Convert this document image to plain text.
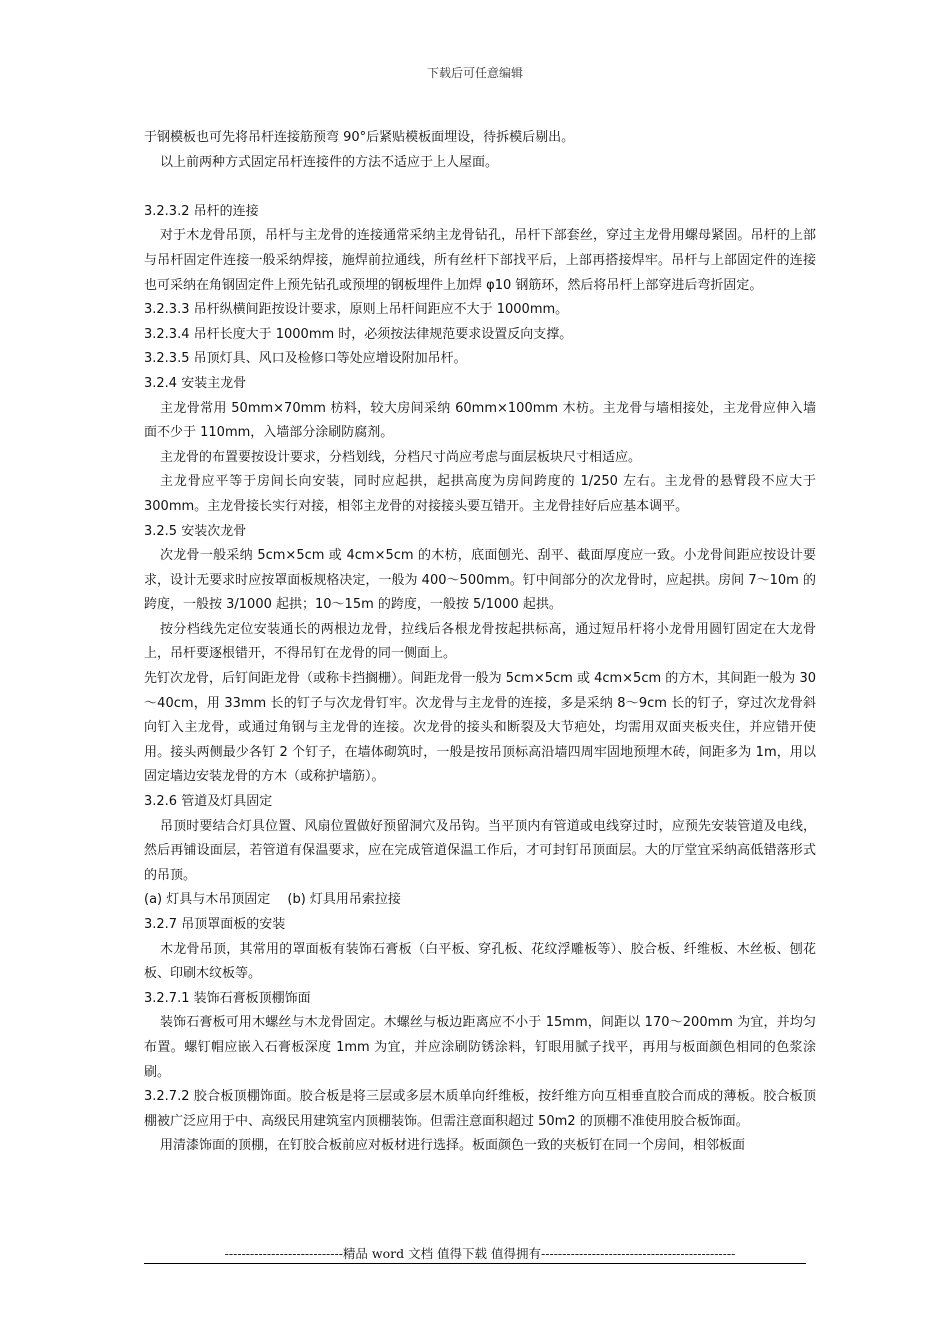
下载后可任意编辑

于钢模板也可先将吊杆连接筋预弯 90°后紧贴模板面埋设，待拆模后剔出。

以上前两种方式固定吊杆连接件的方法不适应于上人屋面。

3.2.3.2 吊杆的连接

对于木龙骨吊顶，吊杆与主龙骨的连接通常采纳主龙骨钻孔，吊杆下部套丝，穿过主龙骨用螺母紧固。吊杆的上部与吊杆固定件连接一般采纳焊接，施焊前拉通线，所有丝杆下部找平后，上部再搭接焊牢。吊杆与上部固定件的连接也可采纳在角钢固定件上预先钻孔或预埋的钢板埋件上加焊 φ10 钢筋环，然后将吊杆上部穿进后弯折固定。

3.2.3.3 吊杆纵横间距按设计要求，原则上吊杆间距应不大于 1000mm。

3.2.3.4 吊杆长度大于 1000mm 时，必须按法律规范要求设置反向支撑。

3.2.3.5 吊顶灯具、风口及检修口等处应增设附加吊杆。

3.2.4 安装主龙骨

主龙骨常用 50mm×70mm 枋料，较大房间采纳 60mm×100mm 木枋。主龙骨与墙相接处，主龙骨应伸入墙面不少于 110mm，入墙部分涂刷防腐剂。

主龙骨的布置要按设计要求，分档划线，分档尺寸尚应考虑与面层板块尺寸相适应。

主龙骨应平等于房间长向安装，同时应起拱，起拱高度为房间跨度的 1/250 左右。主龙骨的悬臂段不应大于 300mm。主龙骨接长实行对接，相邻主龙骨的对接接头要互错开。主龙骨挂好后应基本调平。

3.2.5 安装次龙骨

次龙骨一般采纳 5cm×5cm 或 4cm×5cm 的木枋，底面刨光、刮平、截面厚度应一致。小龙骨间距应按设计要求，设计无要求时应按罩面板规格决定，一般为 400～500mm。钉中间部分的次龙骨时，应起拱。房间 7～10m 的跨度，一般按 3/1000 起拱；10～15m 的跨度，一般按 5/1000 起拱。

按分档线先定位安装通长的两根边龙骨，拉线后各根龙骨按起拱标高，通过短吊杆将小龙骨用圆钉固定在大龙骨上，吊杆要逐根错开，不得吊钉在龙骨的同一侧面上。

先钉次龙骨，后钉间距龙骨（或称卡挡搁栅）。间距龙骨一般为 5cm×5cm 或 4cm×5cm 的方木，其间距一般为 30～40cm，用 33mm 长的钉子与次龙骨钉牢。次龙骨与主龙骨的连接，多是采纳 8～9cm 长的钉子，穿过次龙骨斜向钉入主龙骨，或通过角钢与主龙骨的连接。次龙骨的接头和断裂及大节疤处，均需用双面夹板夹住，并应错开使用。接头两侧最少各钉 2 个钉子，在墙体砌筑时，一般是按吊顶标高沿墙四周牢固地预埋木砖，间距多为 1m，用以固定墙边安装龙骨的方木（或称护墙筋）。

3.2.6 管道及灯具固定

吊顶时要结合灯具位置、风扇位置做好预留洞穴及吊钩。当平顶内有管道或电线穿过时，应预先安装管道及电线，然后再铺设面层，若管道有保温要求，应在完成管道保温工作后，才可封钉吊顶面层。大的厅堂宜采纳高低错落形式的吊顶。

(a) 灯具与木吊顶固定　 (b) 灯具用吊索拉接

3.2.7 吊顶罩面板的安装

木龙骨吊顶，其常用的罩面板有装饰石膏板（白平板、穿孔板、花纹浮雕板等）、胶合板、纤维板、木丝板、刨花板、印刷木纹板等。

3.2.7.1 装饰石膏板顶棚饰面

装饰石膏板可用木螺丝与木龙骨固定。木螺丝与板边距离应不小于 15mm，间距以 170～200mm 为宜，并均匀布置。螺钉帽应嵌入石膏板深度 1mm 为宜，并应涂刷防锈涂料，钉眼用腻子找平，再用与板面颜色相同的色浆涂刷。

3.2.7.2 胶合板顶棚饰面。胶合板是将三层或多层木质单向纤维板，按纤维方向互相垂直胶合而成的薄板。胶合板顶棚被广泛应用于中、高级民用建筑室内顶棚装饰。但需注意面积超过 50m2 的顶棚不准使用胶合板饰面。

用清漆饰面的顶棚，在钉胶合板前应对板材进行选择。板面颜色一致的夹板钉在同一个房间，相邻板面

----------------------------精品 word 文档 值得下载 值得拥有----------------------------------------------
